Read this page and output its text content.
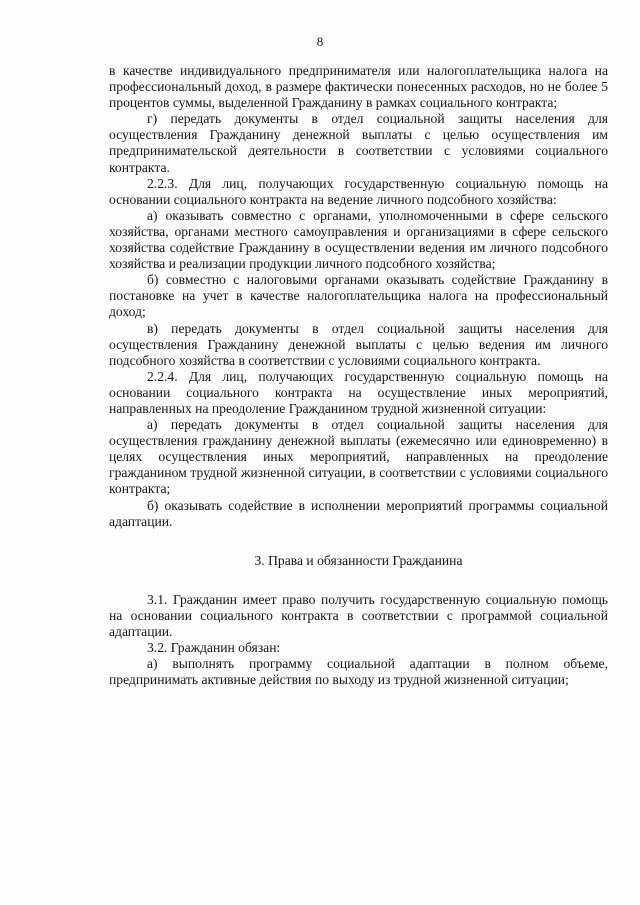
8

в качестве индивидуального предпринимателя или налогоплательщика налога на профессиональный доход, в размере фактически понесенных расходов, но не более 5 процентов суммы, выделенной Гражданину в рамках социального контракта;

г) передать документы в отдел социальной защиты населения для осуществления Гражданину денежной выплаты с целью осуществления им предпринимательской деятельности в соответствии с условиями социального контракта.

2.2.3. Для лиц, получающих государственную социальную помощь на основании социального контракта на ведение личного подсобного хозяйства:

а) оказывать совместно с органами, уполномоченными в сфере сельского хозяйства, органами местного самоуправления и организациями в сфере сельского хозяйства содействие Гражданину в осуществлении ведения им личного подсобного хозяйства и реализации продукции личного подсобного хозяйства;

б) совместно с налоговыми органами оказывать содействие Гражданину в постановке на учет в качестве налогоплательщика налога на профессиональный доход;

в) передать документы в отдел социальной защиты населения для осуществления Гражданину денежной выплаты с целью ведения им личного подсобного хозяйства в соответствии с условиями социального контракта.

2.2.4. Для лиц, получающих государственную социальную помощь на основании социального контракта на осуществление иных мероприятий, направленных на преодоление Гражданином трудной жизненной ситуации:

а) передать документы в отдел социальной защиты населения для осуществления гражданину денежной выплаты (ежемесячно или единовременно) в целях осуществления иных мероприятий, направленных на преодоление гражданином трудной жизненной ситуации, в соответствии с условиями социального контракта;

б) оказывать содействие в исполнении мероприятий программы социальной адаптации.

3. Права и обязанности Гражданина

3.1. Гражданин имеет право получить государственную социальную помощь на основании социального контракта в соответствии с программой социальной адаптации.

3.2. Гражданин обязан:

а) выполнять программу социальной адаптации в полном объеме, предпринимать активные действия по выходу из трудной жизненной ситуации;
